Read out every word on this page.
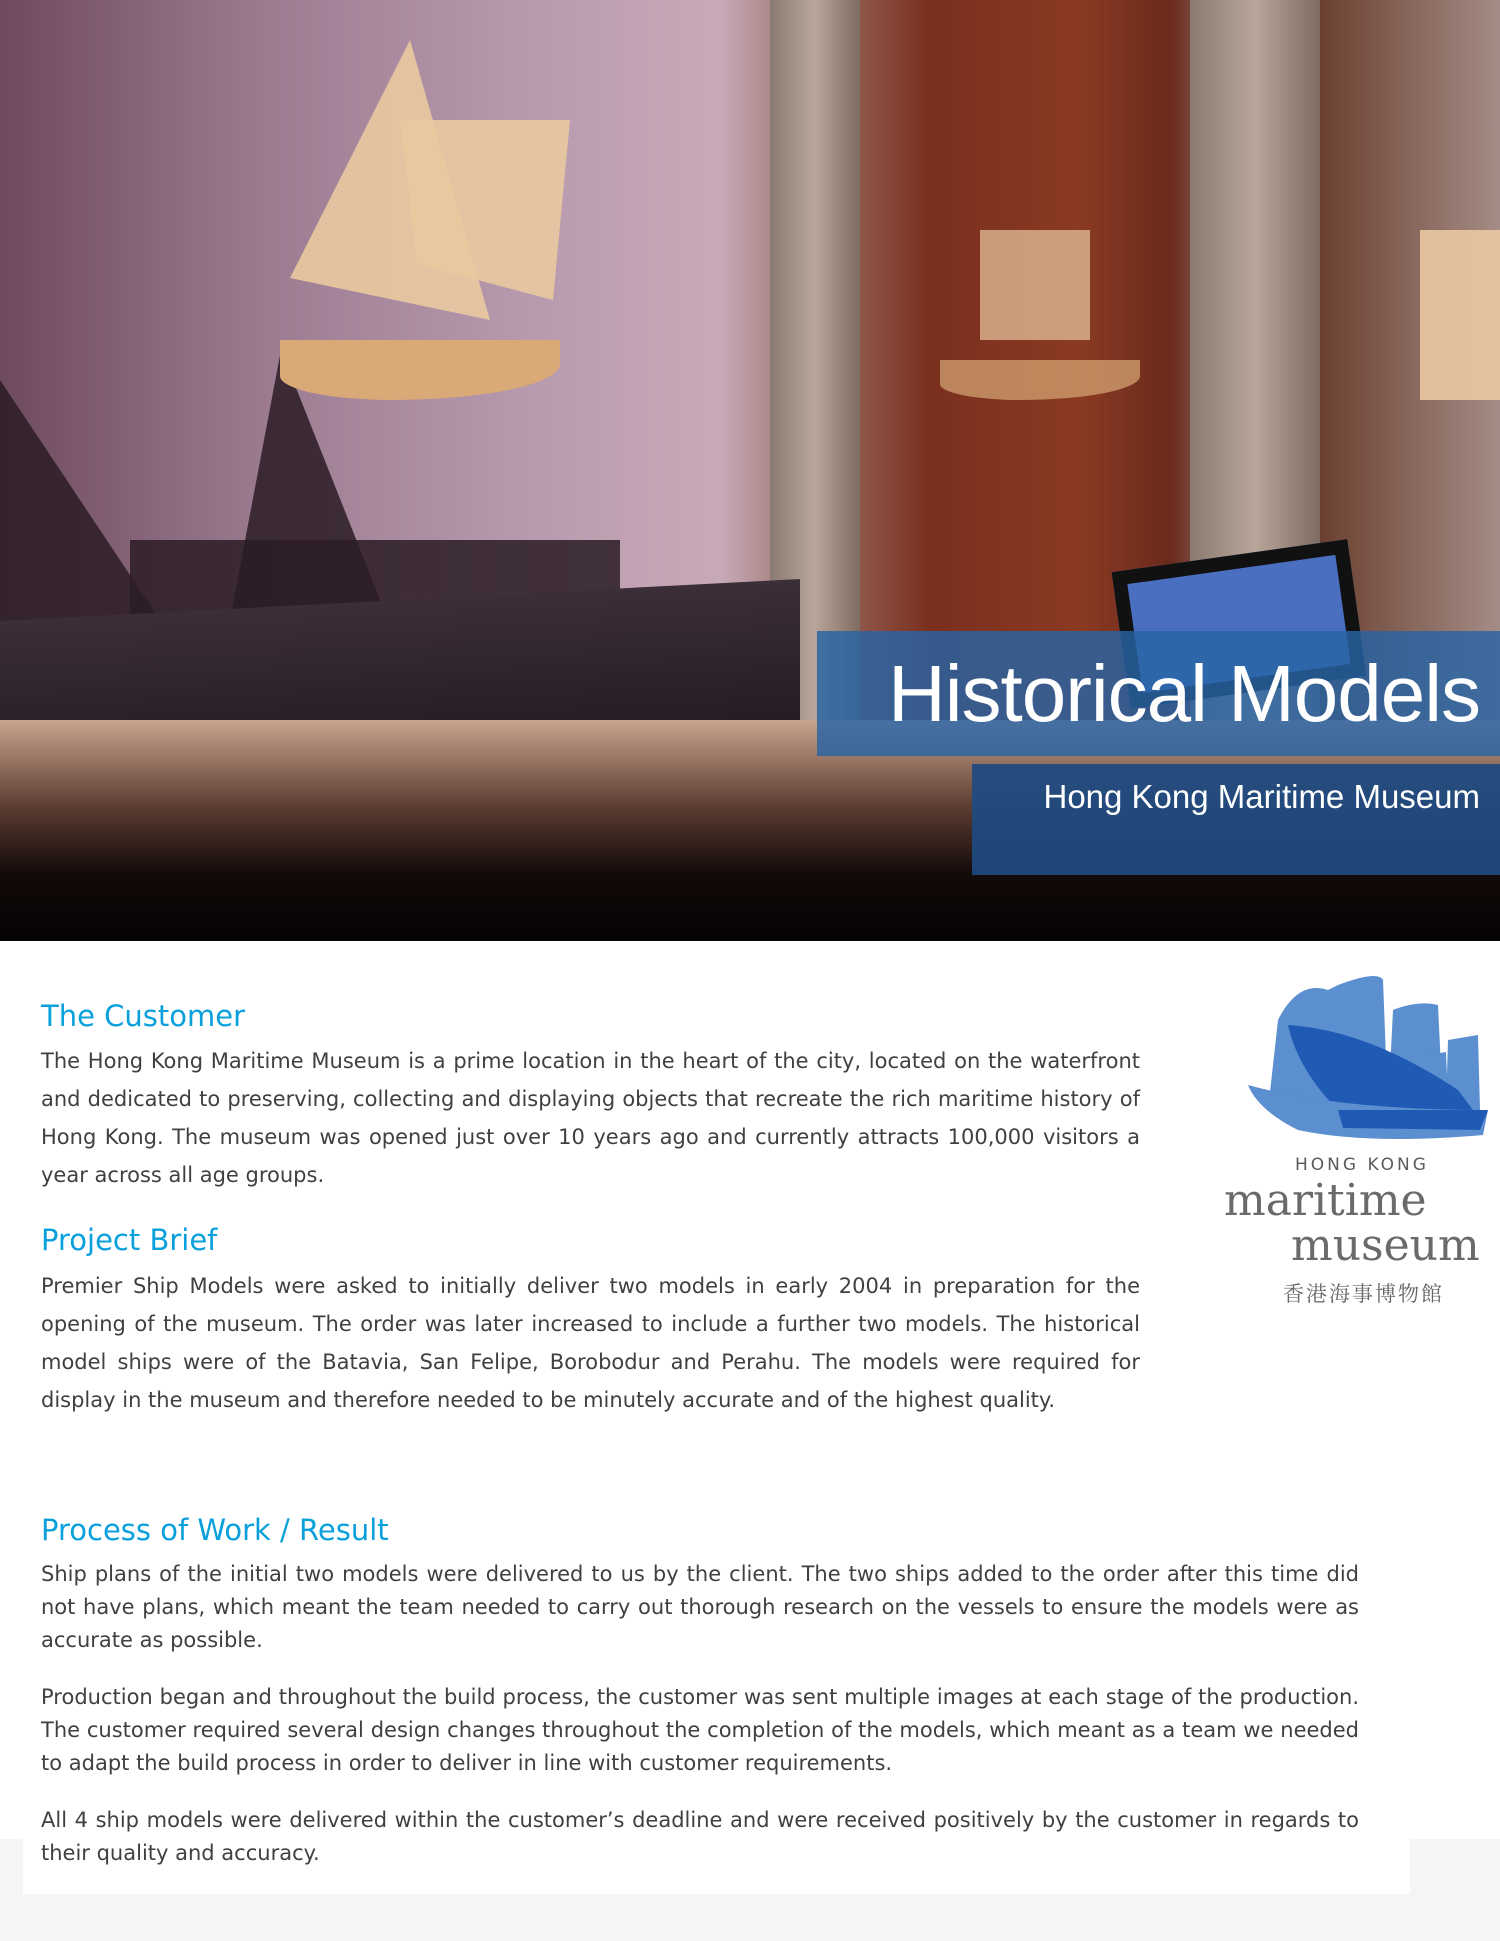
Historical Models
Hong Kong Maritime Museum
HONG KONG
maritime
museum
香港海事博物館
The Customer

The Hong Kong Maritime Museum is a prime location in the heart of the city, located on the waterfront and dedicated to preserving, collecting and displaying objects that recreate the rich maritime history of Hong Kong. The museum was opened just over 10 years ago and currently attracts 100,000 visitors a year across all age groups.

Project Brief

Premier Ship Models were asked to initially deliver two models in early 2004 in preparation for the opening of the museum. The order was later increased to include a further two models. The historical model ships were of the Batavia, San Felipe, Borobodur and Perahu. The models were required for display in the museum and therefore needed to be minutely accurate and of the highest quality.

Process of Work / Result

Ship plans of the initial two models were delivered to us by the client. The two ships added to the order after this time did not have plans, which meant the team needed to carry out thorough research on the vessels to ensure the models were as accurate as possible.

Production began and throughout the build process, the customer was sent multiple images at each stage of the production. The customer required several design changes throughout the completion of the models, which meant as a team we needed to adapt the build process in order to deliver in line with customer requirements.

All 4 ship models were delivered within the customer’s deadline and were received positively by the customer in regards to their quality and accuracy.
